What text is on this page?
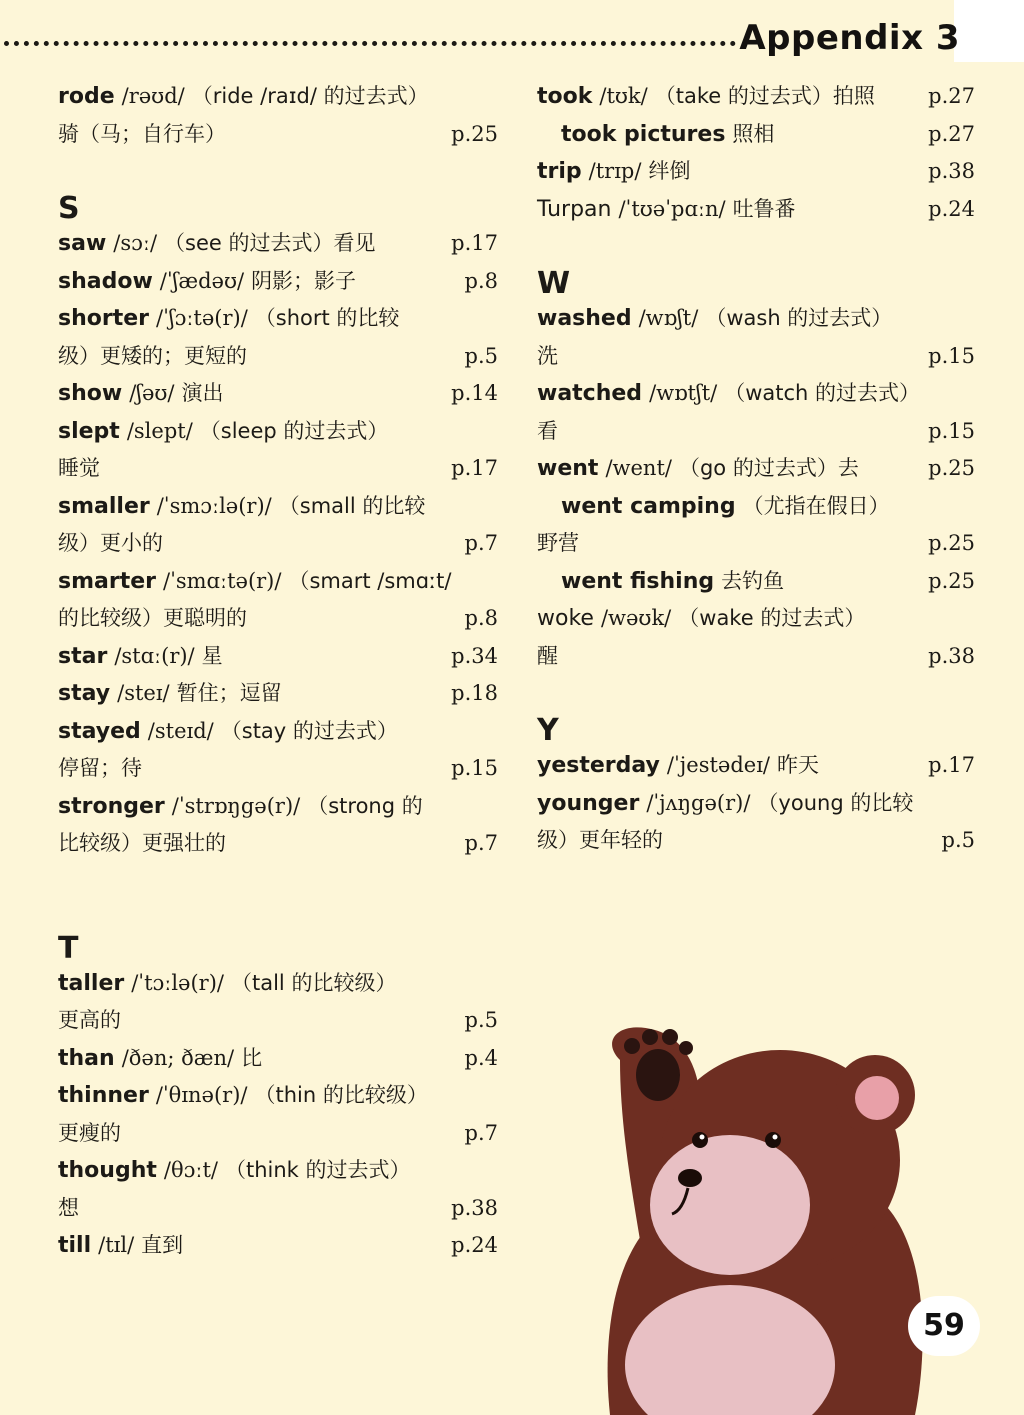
Appendix 3
rode /rəʊd/ （ride /raɪd/ 的过去式）
骑（马；自行车）	p.25
S
saw /sɔː/ （see 的过去式）看见	p.17
shadow /ˈʃædəʊ/ 阴影；影子	p.8
shorter /ˈʃɔːtə(r)/ （short 的比较
级）更矮的；更短的	p.5
show /ʃəʊ/ 演出	p.14
slept /slept/ （sleep 的过去式）
睡觉	p.17
smaller /ˈsmɔːlə(r)/ （small 的比较
级）更小的	p.7
smarter /ˈsmɑːtə(r)/ （smart /smɑːt/
的比较级）更聪明的	p.8
star /stɑː(r)/ 星	p.34
stay /steɪ/ 暂住；逗留	p.18
stayed /steɪd/ （stay 的过去式）
停留；待	p.15
stronger /ˈstrɒŋgə(r)/ （strong 的
比较级）更强壮的	p.7
T
taller /ˈtɔːlə(r)/ （tall 的比较级）
更高的	p.5
than /ðən; ðæn/ 比	p.4
thinner /ˈθɪnə(r)/ （thin 的比较级）
更瘦的	p.7
thought /θɔːt/ （think 的过去式）
想	p.38
till /tɪl/ 直到	p.24
took /tʊk/ （take 的过去式）拍照	p.27
took pictures 照相	p.27
trip /trɪp/ 绊倒	p.38
Turpan /ˈtʊəˈpɑːn/ 吐鲁番	p.24
W
washed /wɒʃt/ （wash 的过去式）
洗	p.15
watched /wɒtʃt/ （watch 的过去式）
看	p.15
went /went/ （go 的过去式）去	p.25
went camping （尤指在假日）
野营	p.25
went fishing 去钓鱼	p.25
woke /wəʊk/ （wake 的过去式）
醒	p.38
Y
yesterday /ˈjestədeɪ/ 昨天	p.17
younger /ˈjʌŋgə(r)/ （young 的比较
级）更年轻的	p.5
59
